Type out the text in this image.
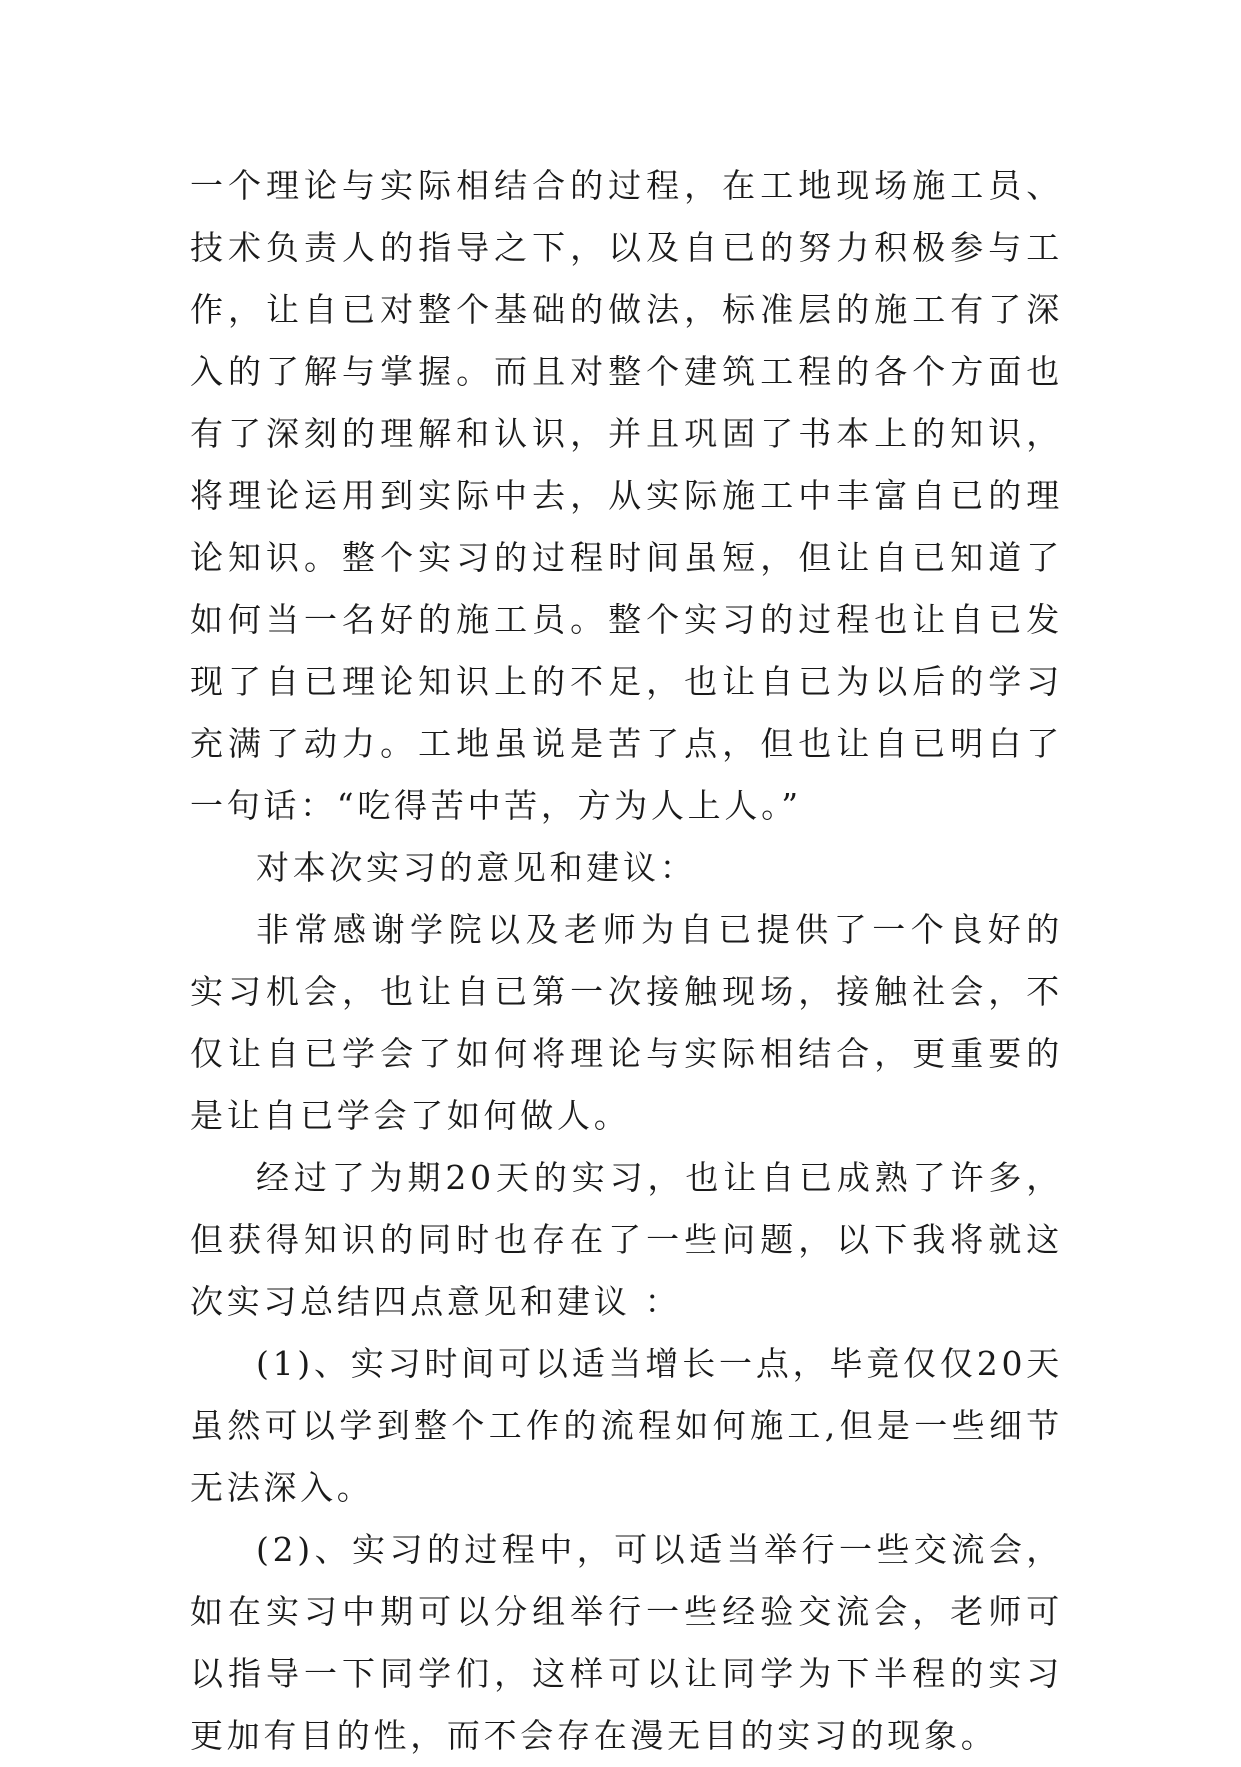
一个理论与实际相结合的过程，在工地现场施工员、技术负责人的指导之下，以及自已的努力积极参与工作，让自已对整个基础的做法，标准层的施工有了深入的了解与掌握。而且对整个建筑工程的各个方面也有了深刻的理解和认识，并且巩固了书本上的知识，将理论运用到实际中去，从实际施工中丰富自已的理论知识。整个实习的过程时间虽短，但让自已知道了如何当一名好的施工员。整个实习的过程也让自已发现了自已理论知识上的不足，也让自已为以后的学习充满了动力。工地虽说是苦了点，但也让自已明白了一句话：“吃得苦中苦，方为人上人。”

对本次实习的意见和建议：

非常感谢学院以及老师为自已提供了一个良好的实习机会，也让自已第一次接触现场，接触社会，不仅让自已学会了如何将理论与实际相结合，更重要的是让自已学会了如何做人。

经过了为期20天的实习，也让自已成熟了许多，但获得知识的同时也存在了一些问题，以下我将就这次实习总结四点意见和建议 ：

(1)、实习时间可以适当增长一点，毕竟仅仅20天虽然可以学到整个工作的流程如何施工,但是一些细节无法深入。

(2)、实习的过程中，可以适当举行一些交流会，如在实习中期可以分组举行一些经验交流会，老师可以指导一下同学们，这样可以让同学为下半程的实习更加有目的性，而不会存在漫无目的实习的现象。
